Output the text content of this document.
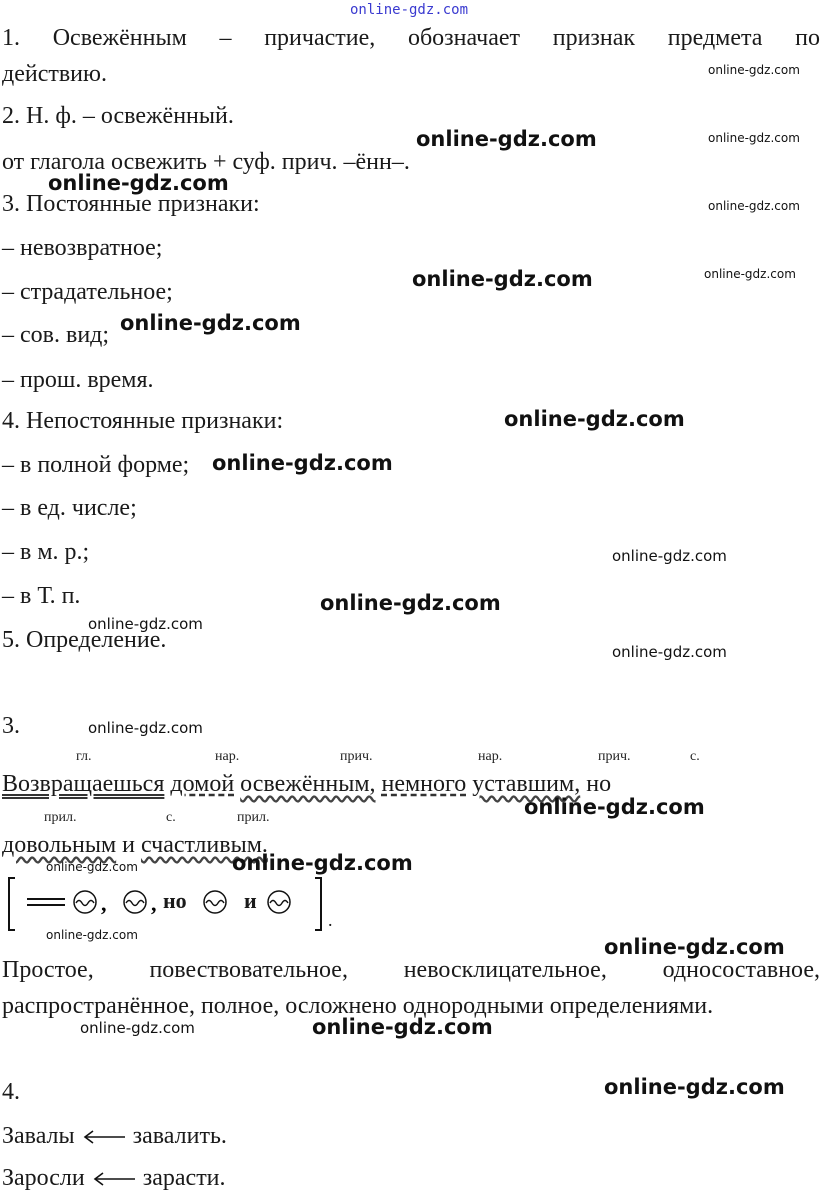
online-gdz.com
1. Освежённым – причастие, обозначает признак предмета по
действию.
2. Н. ф. – освежённый.
от глагола освежить + суф. прич. –ённ–.
3. Постоянные признаки:
– невозвратное;
– страдательное;
– сов. вид;
– прош. время.
4. Непостоянные признаки:
– в полной форме;
– в ед. числе;
– в м. р.;
– в Т. п.
5. Определение.
3.
гл.	нар.	прич.	нар.	прич.	с.
Возвращаешься домой освежённым, немного уставшим, но
прил.	с.	прил.
довольным и счастливым.
, , но	и
.
Простое, повествовательное, невосклицательное, односоставное,
распространённое, полное, осложнено однородными определениями.
4.
Завалы завалить.
Заросли зарасти.
online-gdz.com
online-gdz.com
online-gdz.com
online-gdz.com
online-gdz.com
online-gdz.com
online-gdz.com
online-gdz.com
online-gdz.com
online-gdz.com
online-gdz.com
online-gdz.com
online-gdz.com
online-gdz.com
online-gdz.com
online-gdz.com
online-gdz.com
online-gdz.com
online-gdz.com	online-gdz.com
online-gdz.com
online-gdz.com
online-gdz.com
